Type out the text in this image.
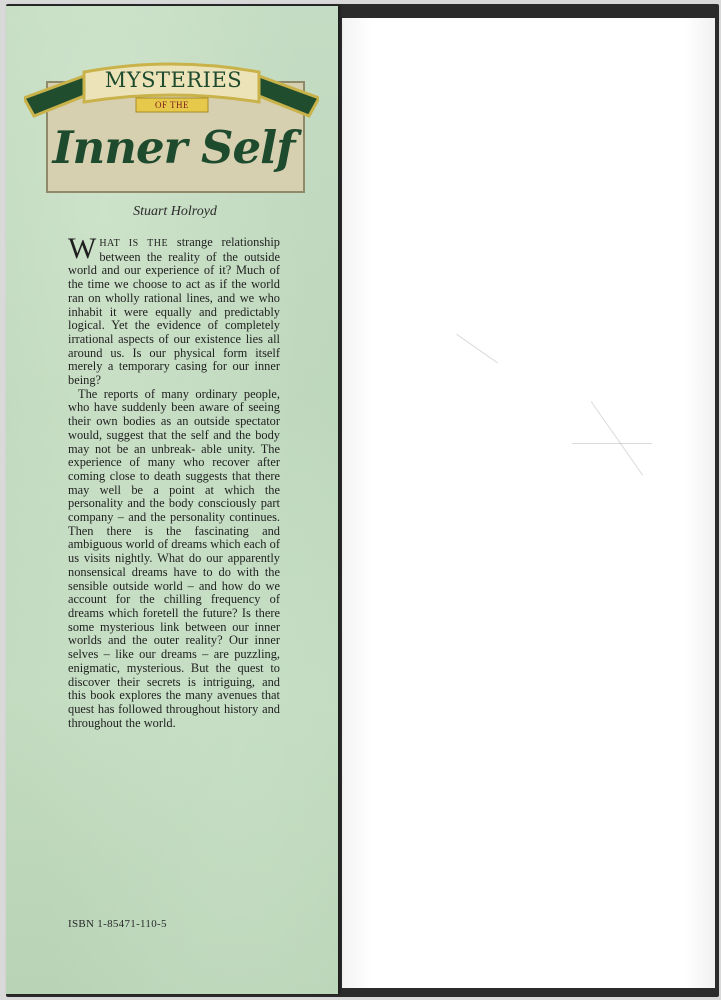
MYSTERIES
OF THE
Inner Self
Stuart Holroyd

WHAT IS THE strange relationship between the reality of the outside world and our experience of it? Much of the time we choose to act as if the world ran on wholly rational lines, and we who inhabit it were equally and predictably logical. Yet the evidence of completely irrational aspects of our existence lies all around us. Is our physical form itself merely a temporary casing for our inner being?

The reports of many ordinary people, who have suddenly been aware of seeing their own bodies as an outside spectator would, suggest that the self and the body may not be an unbreak- able unity. The experience of many who recover after coming close to death suggests that there may well be a point at which the personality and the body consciously part company – and the personality continues. Then there is the fascinating and ambiguous world of dreams which each of us visits nightly. What do our apparently nonsensical dreams have to do with the sensible outside world – and how do we account for the chilling frequency of dreams which foretell the future? Is there some mysterious link between our inner worlds and the outer reality? Our inner selves – like our dreams – are puzzling, enigmatic, mysterious. But the quest to discover their secrets is intriguing, and this book explores the many avenues that quest has followed throughout history and throughout the world.

ISBN 1-85471-110-5
